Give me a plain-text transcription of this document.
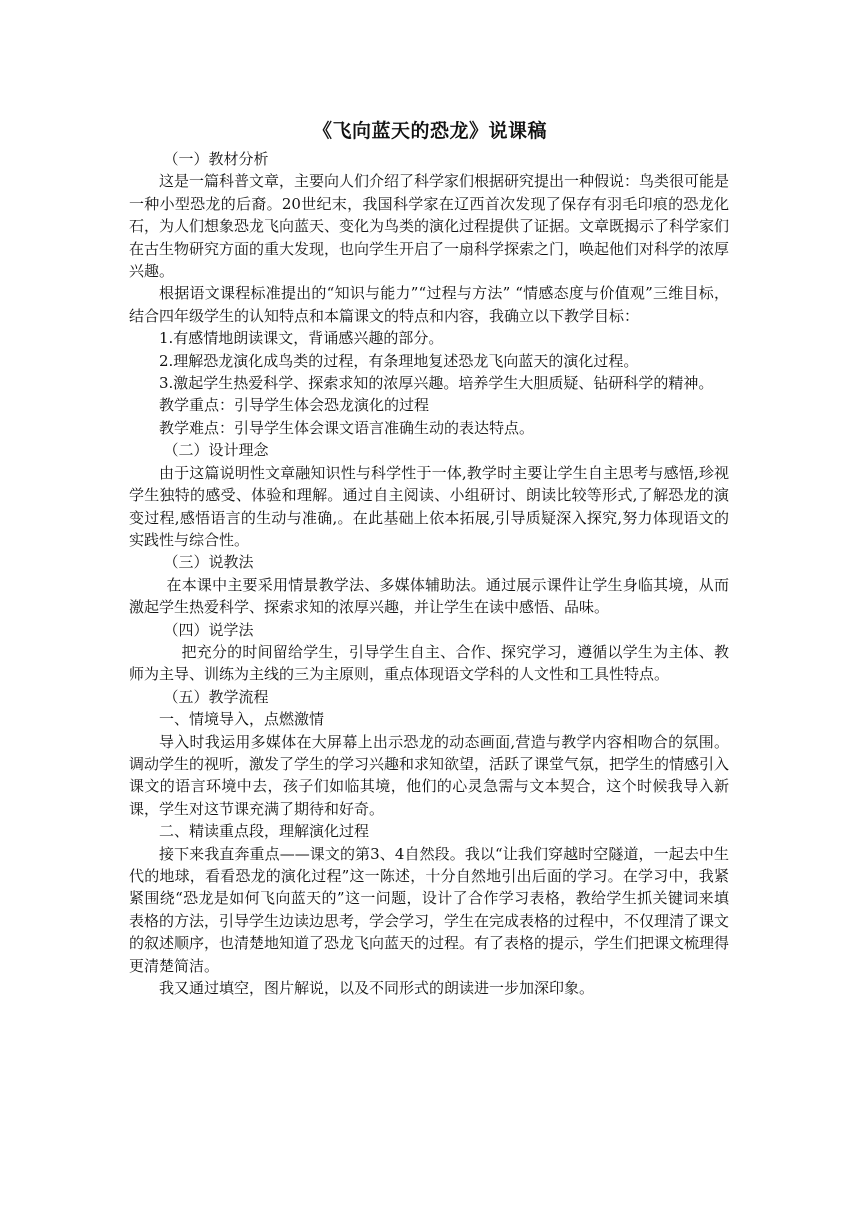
《飞向蓝天的恐龙》说课稿

（一）教材分析

这是一篇科普文章，主要向人们介绍了科学家们根据研究提出一种假说：鸟类很可能是一种小型恐龙的后裔。20世纪末，我国科学家在辽西首次发现了保存有羽毛印痕的恐龙化石，为人们想象恐龙飞向蓝天、变化为鸟类的演化过程提供了证据。文章既揭示了科学家们在古生物研究方面的重大发现，也向学生开启了一扇科学探索之门，唤起他们对科学的浓厚兴趣。

根据语文课程标准提出的“知识与能力”“过程与方法” “情感态度与价值观”三维目标，结合四年级学生的认知特点和本篇课文的特点和内容，我确立以下教学目标：

1.有感情地朗读课文，背诵感兴趣的部分。

2.理解恐龙演化成鸟类的过程，有条理地复述恐龙飞向蓝天的演化过程。

3.激起学生热爱科学、探索求知的浓厚兴趣。培养学生大胆质疑、钻研科学的精神。

教学重点：引导学生体会恐龙演化的过程

教学难点：引导学生体会课文语言准确生动的表达特点。

（二）设计理念

由于这篇说明性文章融知识性与科学性于一体,教学时主要让学生自主思考与感悟,珍视学生独特的感受、体验和理解。通过自主阅读、小组研讨、朗读比较等形式,了解恐龙的演变过程,感悟语言的生动与准确,。在此基础上依本拓展,引导质疑深入探究,努力体现语文的实践性与综合性。

（三）说教法

在本课中主要采用情景教学法、多媒体辅助法。通过展示课件让学生身临其境，从而激起学生热爱科学、探索求知的浓厚兴趣，并让学生在读中感悟、品味。

（四）说学法

把充分的时间留给学生，引导学生自主、合作、探究学习，遵循以学生为主体、教师为主导、训练为主线的三为主原则，重点体现语文学科的人文性和工具性特点。

（五）教学流程

一、情境导入，点燃激情

导入时我运用多媒体在大屏幕上出示恐龙的动态画面,营造与教学内容相吻合的氛围。调动学生的视听，激发了学生的学习兴趣和求知欲望，活跃了课堂气氛，把学生的情感引入课文的语言环境中去，孩子们如临其境，他们的心灵急需与文本契合，这个时候我导入新课，学生对这节课充满了期待和好奇。

二、精读重点段，理解演化过程

接下来我直奔重点——课文的第3、4自然段。我以“让我们穿越时空隧道，一起去中生代的地球，看看恐龙的演化过程”这一陈述，十分自然地引出后面的学习。在学习中，我紧紧围绕“恐龙是如何飞向蓝天的”这一问题，设计了合作学习表格，教给学生抓关键词来填表格的方法，引导学生边读边思考，学会学习，学生在完成表格的过程中，不仅理清了课文的叙述顺序，也清楚地知道了恐龙飞向蓝天的过程。有了表格的提示，学生们把课文梳理得更清楚简洁。

我又通过填空，图片解说，以及不同形式的朗读进一步加深印象。
